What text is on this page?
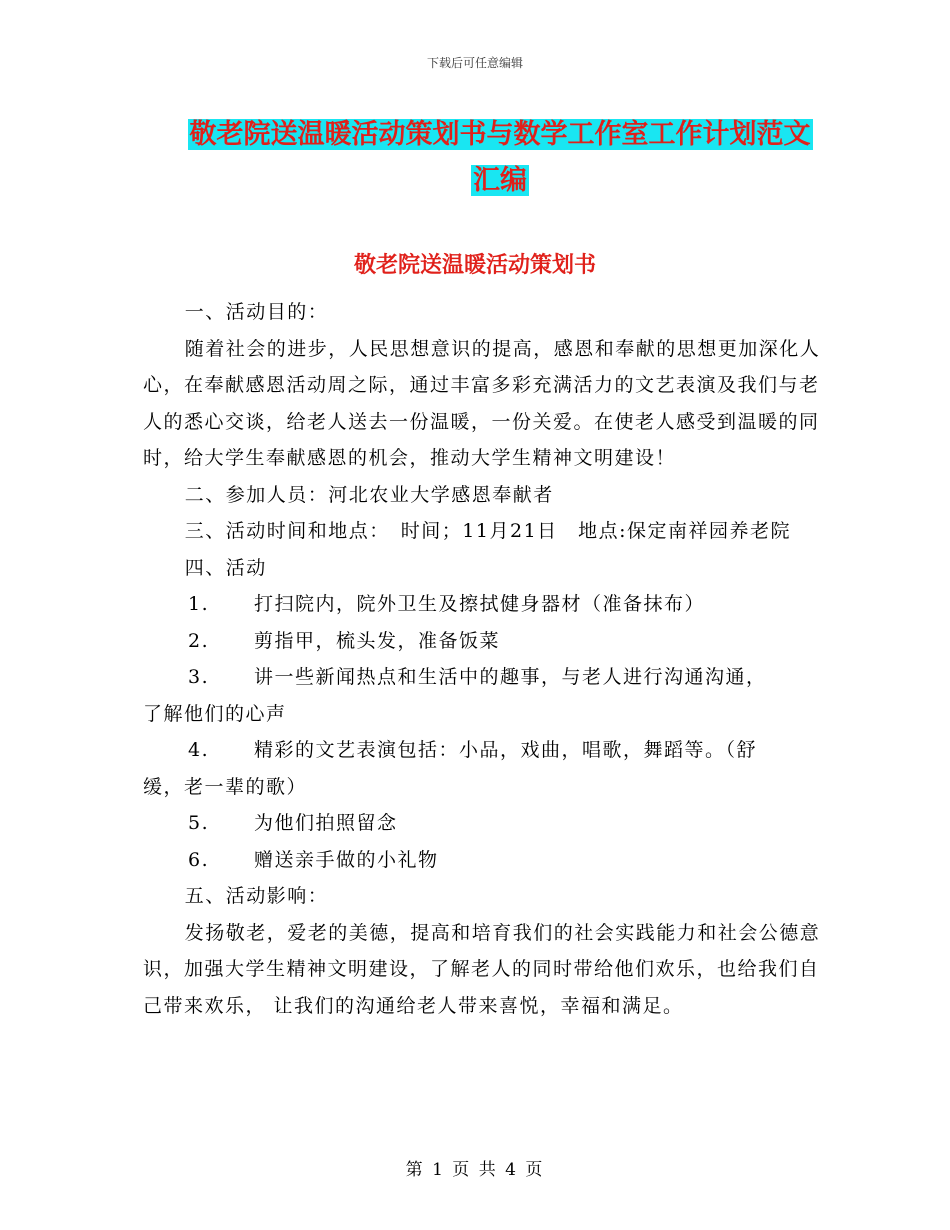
下载后可任意编辑
敬老院送温暖活动策划书与数学工作室工作计划范文
汇编
敬老院送温暖活动策划书

一、活动目的：

随着社会的进步，人民思想意识的提高，感恩和奉献的思想更加深化人心，在奉献感恩活动周之际，通过丰富多彩充满活力的文艺表演及我们与老人的悉心交谈，给老人送去一份温暖，一份关爱。在使老人感受到温暖的同时，给大学生奉献感恩的机会，推动大学生精神文明建设！

二、参加人员：河北农业大学感恩奉献者

三、活动时间和地点：　时间；11月21日　地点:保定南祥园养老院

四、活动

1. 打扫院内，院外卫生及擦拭健身器材（准备抹布）

2. 剪指甲，梳头发，准备饭菜

3. 讲一些新闻热点和生活中的趣事，与老人进行沟通沟通，

了解他们的心声

4. 精彩的文艺表演包括：小品，戏曲，唱歌，舞蹈等。（舒

缓，老一辈的歌）

5. 为他们拍照留念

6. 赠送亲手做的小礼物

五、活动影响：

发扬敬老，爱老的美德，提高和培育我们的社会实践能力和社会公德意识，加强大学生精神文明建设，了解老人的同时带给他们欢乐，也给我们自己带来欢乐， 让我们的沟通给老人带来喜悦，幸福和满足。

第 1 页 共 4 页
